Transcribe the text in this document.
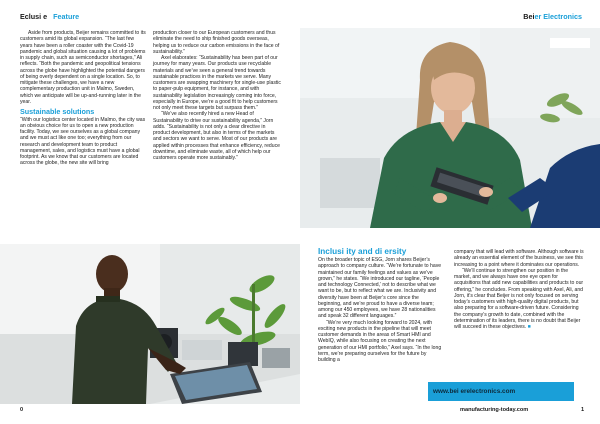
Eclusi e Feature

Aside from products, Beijer remains committed to its customers amid its global expansion. “The last few years have been a roller coaster with the Covid-19 pandemic and global situation causing a lot of problems in supply chain, such as semiconductor shortages,” Ali reflects. “Both the pandemic and geopolitical tensions across the globe have highlighted the potential dangers of being overly dependent on a single location. So, to mitigate these challenges, we have a new complementary production unit in Malmo, Sweden, which we anticipate will be up-and-running later in the year.

Sustainable solutions

“With our logistics center located in Malmo, the city was an obvious choice for us to open a new production facility. Today, we see ourselves as a global company and we must act like one too; everything from our research and development team to product management, sales, and logistics must have a global footprint. As we know that our customers are located across the globe, the new site will bring

production closer to our European customers and thus eliminate the need to ship finished goods overseas, helping us to reduce our carbon emissions in the face of sustainability.”

Axel elaborates: “Sustainability has been part of our journey for many years. Our products use recyclable materials and we’ve seen a general trend towards sustainable practices in the markets we serve. Many customers are swapping machinery for single-use plastic to paper-pulp equipment, for instance, and with sustainability legislation increasingly coming into force, especially in Europe, we’re a good fit to help customers not only meet these targets but surpass them.”

“We’ve also recently hired a new Head of Sustainability to drive our sustainability agenda,” Jorn adds. “Sustainability is not only a clear directive in product development, but also in terms of the markets and sectors we want to serve. Most of our products are applied within processes that enhance efficiency, reduce downtime, and eliminate waste, all of which help our customers operate more sustainably.”

0
Beier Electronics
Inclusi ity and di ersity

On the broader topic of ESG, Jorn shares Beijer’s approach to company culture. “We’re fortunate to have maintained our family feelings and values as we’ve grown,” he states. “We introduced our tagline, ‘People and technology Connected,’ not to describe what we want to be, but to reflect what we are. Inclusivity and diversity have been at Beijer’s core since the beginning, and we’re proud to have a diverse team; among our 450 employees, we have 28 nationalities and speak 32 different languages.”

“We’re very much looking forward to 2024, with exciting new products in the pipeline that will meet customer demands in the areas of Smart HMI and WebIQ, while also focusing on creating the next generation of our HMI portfolio,” Axel says. “In the long term, we’re preparing ourselves for the future by building a

company that will lead with software. Although software is already an essential element of the business, we see this increasing to a point where it dominates our operations.

“We’ll continue to strengthen our position in the market, and we always have one eye open for acquisitions that add new capabilities and products to our offering,” he concludes. From speaking with Axel, Ali, and Jorn, it’s clear that Beijer is not only focused on serving today’s customers with high-quality digital products, but also preparing for a software-driven future. Considering the company’s growth to date, combined with the determination of its leaders, there is no doubt that Beijer will succeed in these objectives. ■

www.bei erelectronics.com
manufacturing-today.com	1
